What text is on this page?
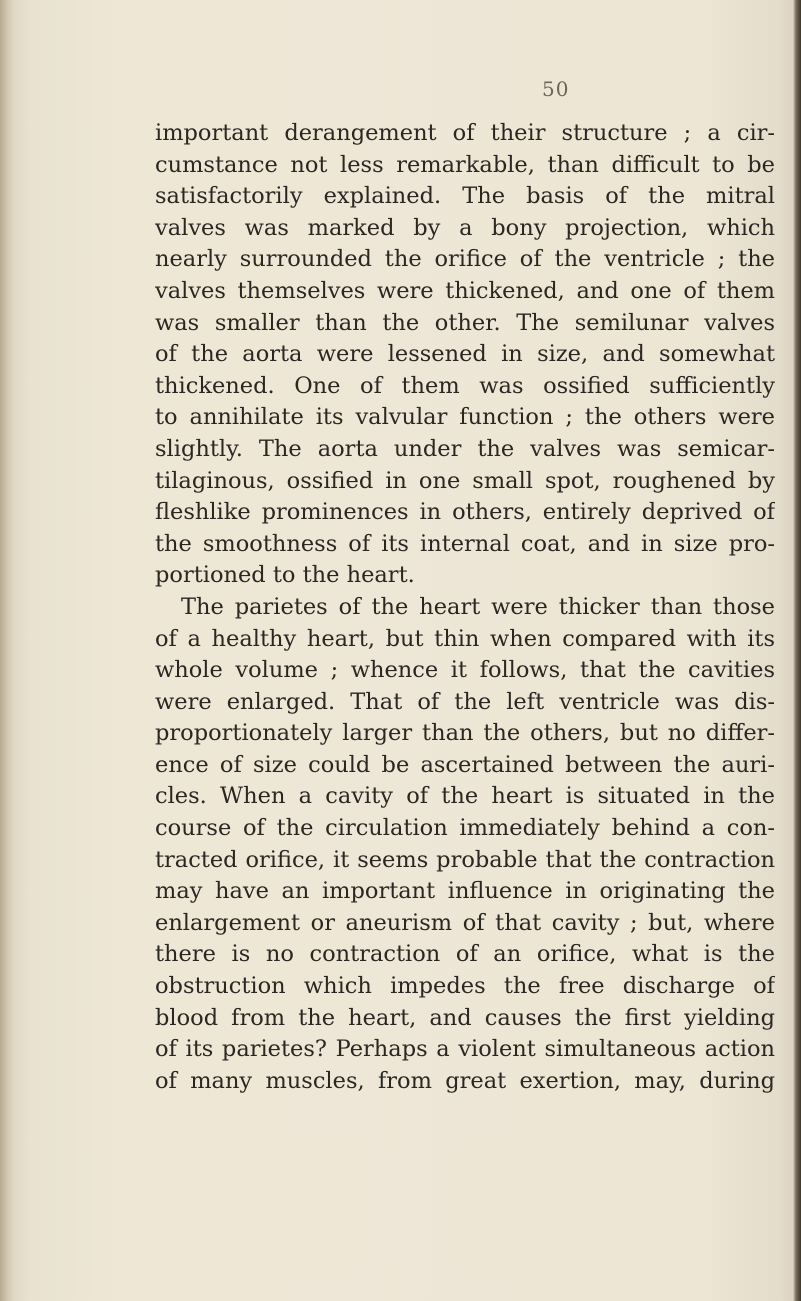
50
important derangement of their structure ; a cir-
cumstance not less remarkable, than difficult to be
satisfactorily explained. The basis of the mitral
valves was marked by a bony projection, which
nearly surrounded the orifice of the ventricle ; the
valves themselves were thickened, and one of them
was smaller than the other. The semilunar valves
of the aorta were lessened in size, and somewhat
thickened. One of them was ossified sufficiently
to annihilate its valvular function ; the others were
slightly. The aorta under the valves was semicar-
tilaginous, ossified in one small spot, roughened by
fleshlike prominences in others, entirely deprived of
the smoothness of its internal coat, and in size pro-
portioned to the heart.
The parietes of the heart were thicker than those
of a healthy heart, but thin when compared with its
whole volume ; whence it follows, that the cavities
were enlarged. That of the left ventricle was dis-
proportionately larger than the others, but no differ-
ence of size could be ascertained between the auri-
cles. When a cavity of the heart is situated in the
course of the circulation immediately behind a con-
tracted orifice, it seems probable that the contraction
may have an important influence in originating the
enlargement or aneurism of that cavity ; but, where
there is no contraction of an orifice, what is the
obstruction which impedes the free discharge of
blood from the heart, and causes the first yielding
of its parietes? Perhaps a violent simultaneous action
of many muscles, from great exertion, may, during
